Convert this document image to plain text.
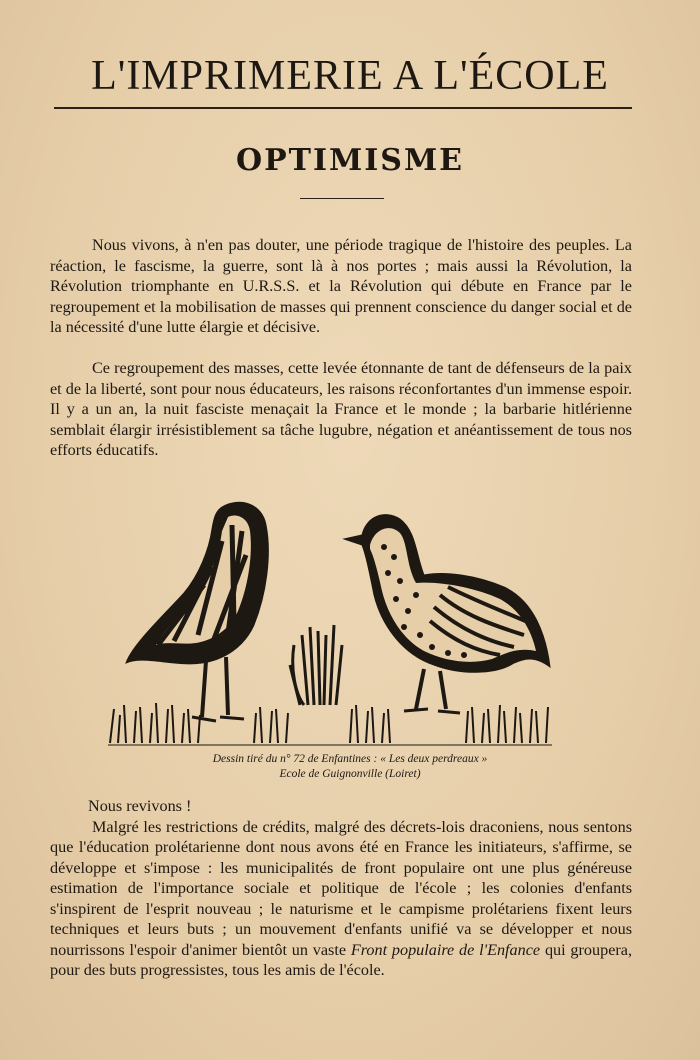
L'IMPRIMERIE A L'ÉCOLE
OPTIMISME

Nous vivons, à n'en pas douter, une période tragique de l'histoire des peuples. La réaction, le fascisme, la guerre, sont là à nos portes ; mais aussi la Révolution, la Révolution triomphante en U.R.S.S. et la Révolution qui débute en France par le regroupement et la mobilisation de masses qui prennent conscience du danger social et de la nécessité d'une lutte élargie et décisive.

Ce regroupement des masses, cette levée étonnante de tant de défenseurs de la paix et de la liberté, sont pour nous éducateurs, les raisons réconfortantes d'un immense espoir. Il y a un an, la nuit fasciste menaçait la France et le monde ; la barbarie hitlérienne semblait élargir irrésistiblement sa tâche lugubre, négation et anéantissement de tous nos efforts éducatifs.

Dessin tiré du n° 72 de Enfantines : « Les deux perdreaux »
Ecole de Guignonville (Loiret)

Nous revivons !

Malgré les restrictions de crédits, malgré des décrets-lois draconiens, nous sentons que l'éducation prolétarienne dont nous avons été en France les initiateurs, s'affirme, se développe et s'impose : les municipalités de front populaire ont une plus généreuse estimation de l'importance sociale et politique de l'école ; les colonies d'enfants s'inspirent de l'esprit nouveau ; le naturisme et le campisme prolétariens fixent leurs techniques et leurs buts ; un mouvement d'enfants unifié va se développer et nous nourrissons l'espoir d'animer bientôt un vaste Front populaire de l'Enfance qui groupera, pour des buts progressistes, tous les amis de l'école.
